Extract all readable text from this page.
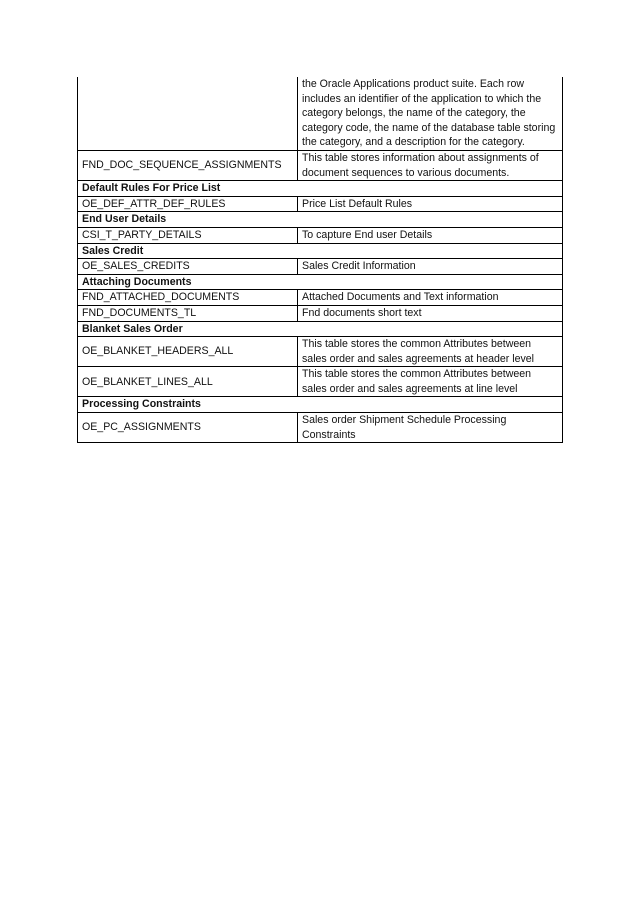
	the Oracle Applications product suite. Each row includes an identifier of the application to which the category belongs, the name of the category, the category code, the name of the database table storing the category, and a description for the category.
FND_DOC_SEQUENCE_ASSIGNMENTS	This table stores information about assignments of document sequences to various documents.
Default Rules For Price List	
OE_DEF_ATTR_DEF_RULES	Price List Default Rules
End User Details	
CSI_T_PARTY_DETAILS	To capture End user Details
Sales Credit	
OE_SALES_CREDITS	Sales Credit Information
Attaching Documents	
FND_ATTACHED_DOCUMENTS	Attached Documents and Text information
FND_DOCUMENTS_TL	Fnd documents short text
Blanket Sales Order	
OE_BLANKET_HEADERS_ALL	This table stores the common Attributes between sales order and sales agreements at header level
OE_BLANKET_LINES_ALL	This table stores the common Attributes between sales order and sales agreements at line level
Processing Constraints	
OE_PC_ASSIGNMENTS	Sales order Shipment Schedule Processing Constraints
